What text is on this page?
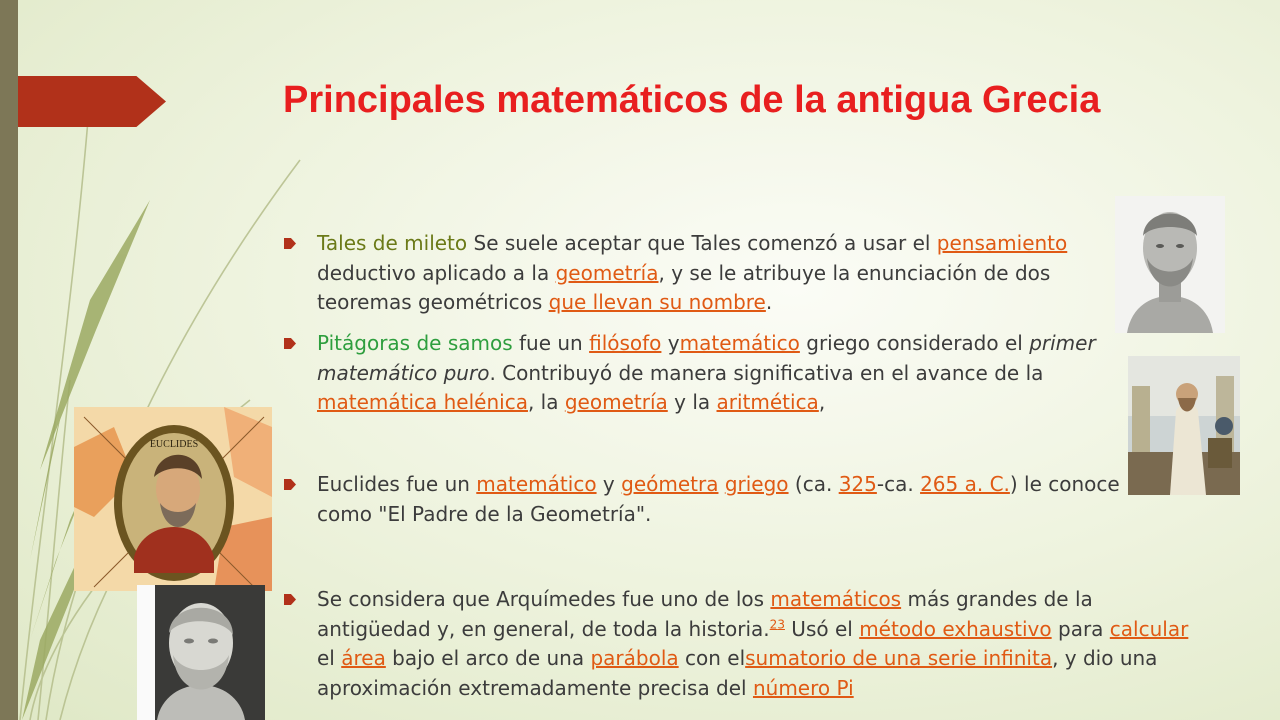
Principales matemáticos de la antigua Grecia
Tales de mileto Se suele aceptar que Tales comenzó a usar el pensamiento deductivo aplicado a la geometría, y se le atribuye la enunciación de dos teoremas geométricos que llevan su nombre.
Pitágoras de samos fue un filósofo ymatemático griego considerado el primer matemático puro. Contribuyó de manera significativa en el avance de la matemática helénica, la geometría y la aritmética,
Euclides fue un matemático y geómetra griego (ca. 325-ca. 265 a. C.) le conoce como "El Padre de la Geometría".
Se considera que Arquímedes fue uno de los matemáticos más grandes de la antigüedad y, en general, de toda la historia.$^{23}$ Usó el método exhaustivo para calcular el área bajo el arco de una parábola con elsumatorio de una serie infinita, y dio una aproximación extremadamente precisa del número Pi
EUCLIDES
